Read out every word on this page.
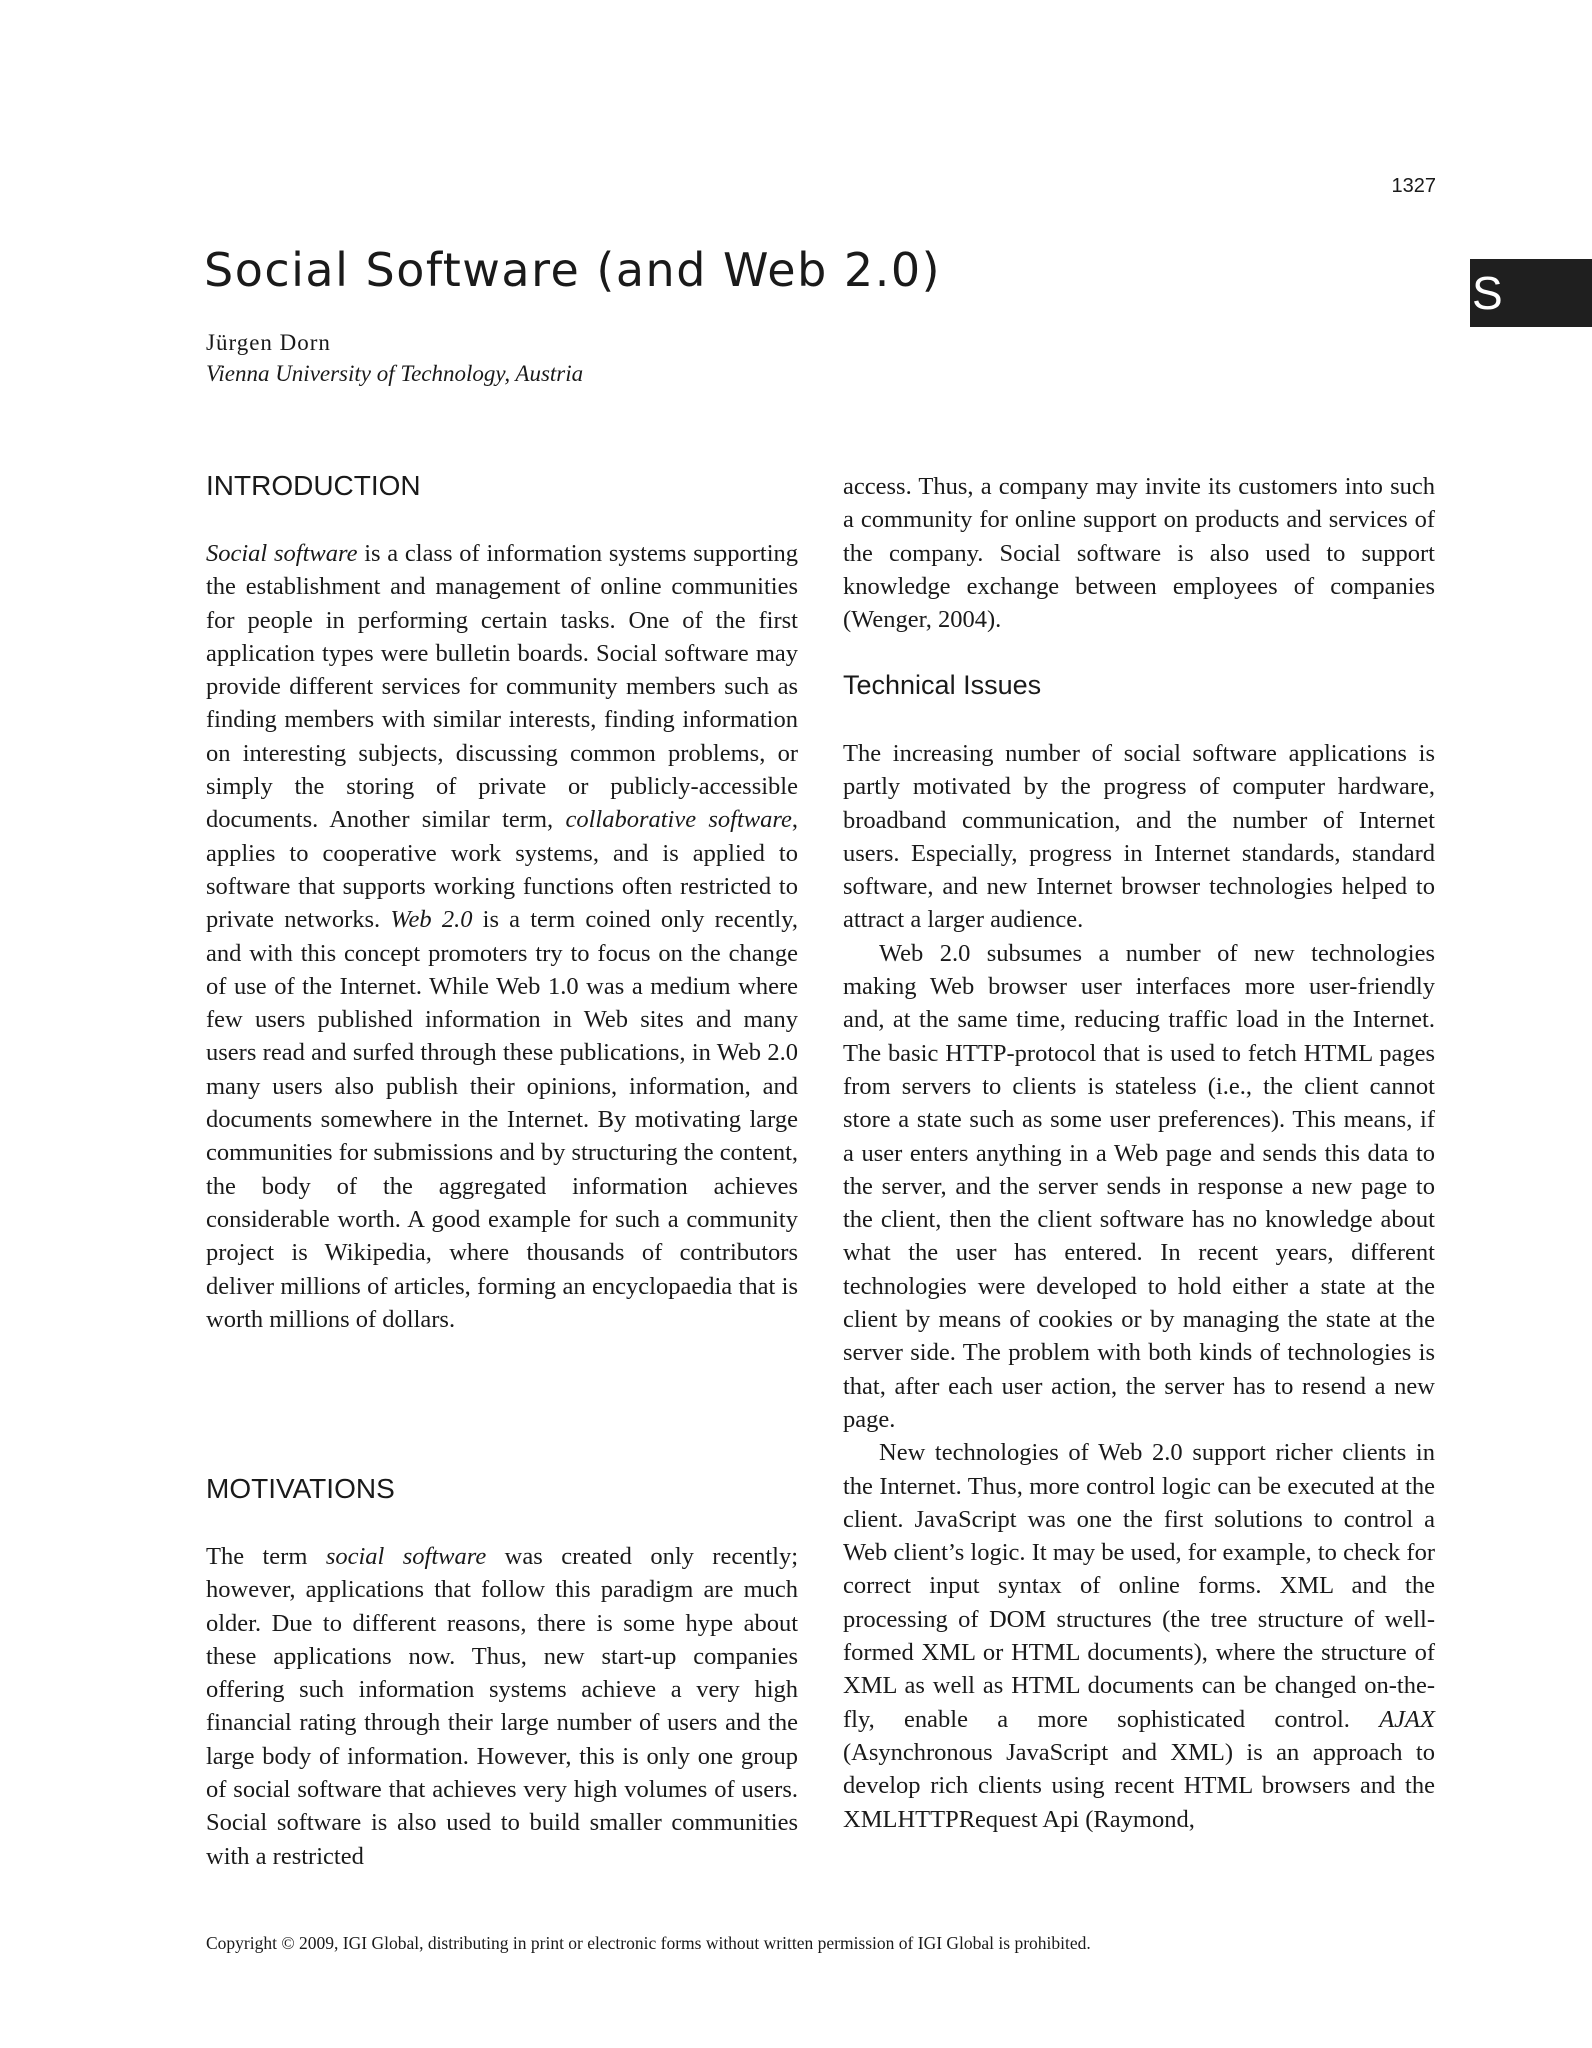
1327
S
Social Software (and Web 2.0)
Jürgen Dorn
Vienna University of Technology, Austria
INTRODUCTION

Social software is a class of information systems supporting the establishment and management of online communities for people in performing certain tasks. One of the first application types were bulletin boards. Social software may provide different services for community members such as finding members with similar interests, finding information on interesting subjects, discussing common problems, or simply the storing of private or publicly-accessible documents. Another similar term, collaborative software, applies to cooperative work systems, and is applied to software that supports working functions often restricted to private networks. Web 2.0 is a term coined only recently, and with this concept promoters try to focus on the change of use of the Internet. While Web 1.0 was a medium where few users published information in Web sites and many users read and surfed through these publications, in Web 2.0 many users also publish their opinions, information, and documents somewhere in the Internet. By motivating large communities for submissions and by structuring the content, the body of the aggregated information achieves considerable worth. A good example for such a community project is Wikipedia, where thousands of contributors deliver millions of articles, forming an encyclopaedia that is worth millions of dollars.

MOTIVATIONS

The term social software was created only recently; however, applications that follow this paradigm are much older. Due to different reasons, there is some hype about these applications now. Thus, new start-up companies offering such information systems achieve a very high financial rating through their large number of users and the large body of information. However, this is only one group of social software that achieves very high volumes of users. Social software is also used to build smaller communities with a restricted

access. Thus, a company may invite its customers into such a community for online support on products and services of the company. Social software is also used to support knowledge exchange between employees of companies (Wenger, 2004).

Technical Issues

The increasing number of social software applications is partly motivated by the progress of computer hardware, broadband communication, and the number of Internet users. Especially, progress in Internet standards, standard software, and new Internet browser technologies helped to attract a larger audience.

Web 2.0 subsumes a number of new technologies making Web browser user interfaces more user-friendly and, at the same time, reducing traffic load in the Internet. The basic HTTP-protocol that is used to fetch HTML pages from servers to clients is stateless (i.e., the client cannot store a state such as some user preferences). This means, if a user enters anything in a Web page and sends this data to the server, and the server sends in response a new page to the client, then the client software has no knowledge about what the user has entered. In recent years, different technologies were developed to hold either a state at the client by means of cookies or by managing the state at the server side. The problem with both kinds of technologies is that, after each user action, the server has to resend a new page.

New technologies of Web 2.0 support richer clients in the Internet. Thus, more control logic can be executed at the client. JavaScript was one the first solutions to control a Web client’s logic. It may be used, for example, to check for correct input syntax of online forms. XML and the processing of DOM structures (the tree structure of well-formed XML or HTML documents), where the structure of XML as well as HTML documents can be changed on-the-fly, enable a more sophisticated control. AJAX (Asynchronous JavaScript and XML) is an approach to develop rich clients using recent HTML browsers and the XMLHTTPRequest Api (Raymond,

Copyright © 2009, IGI Global, distributing in print or electronic forms without written permission of IGI Global is prohibited.
